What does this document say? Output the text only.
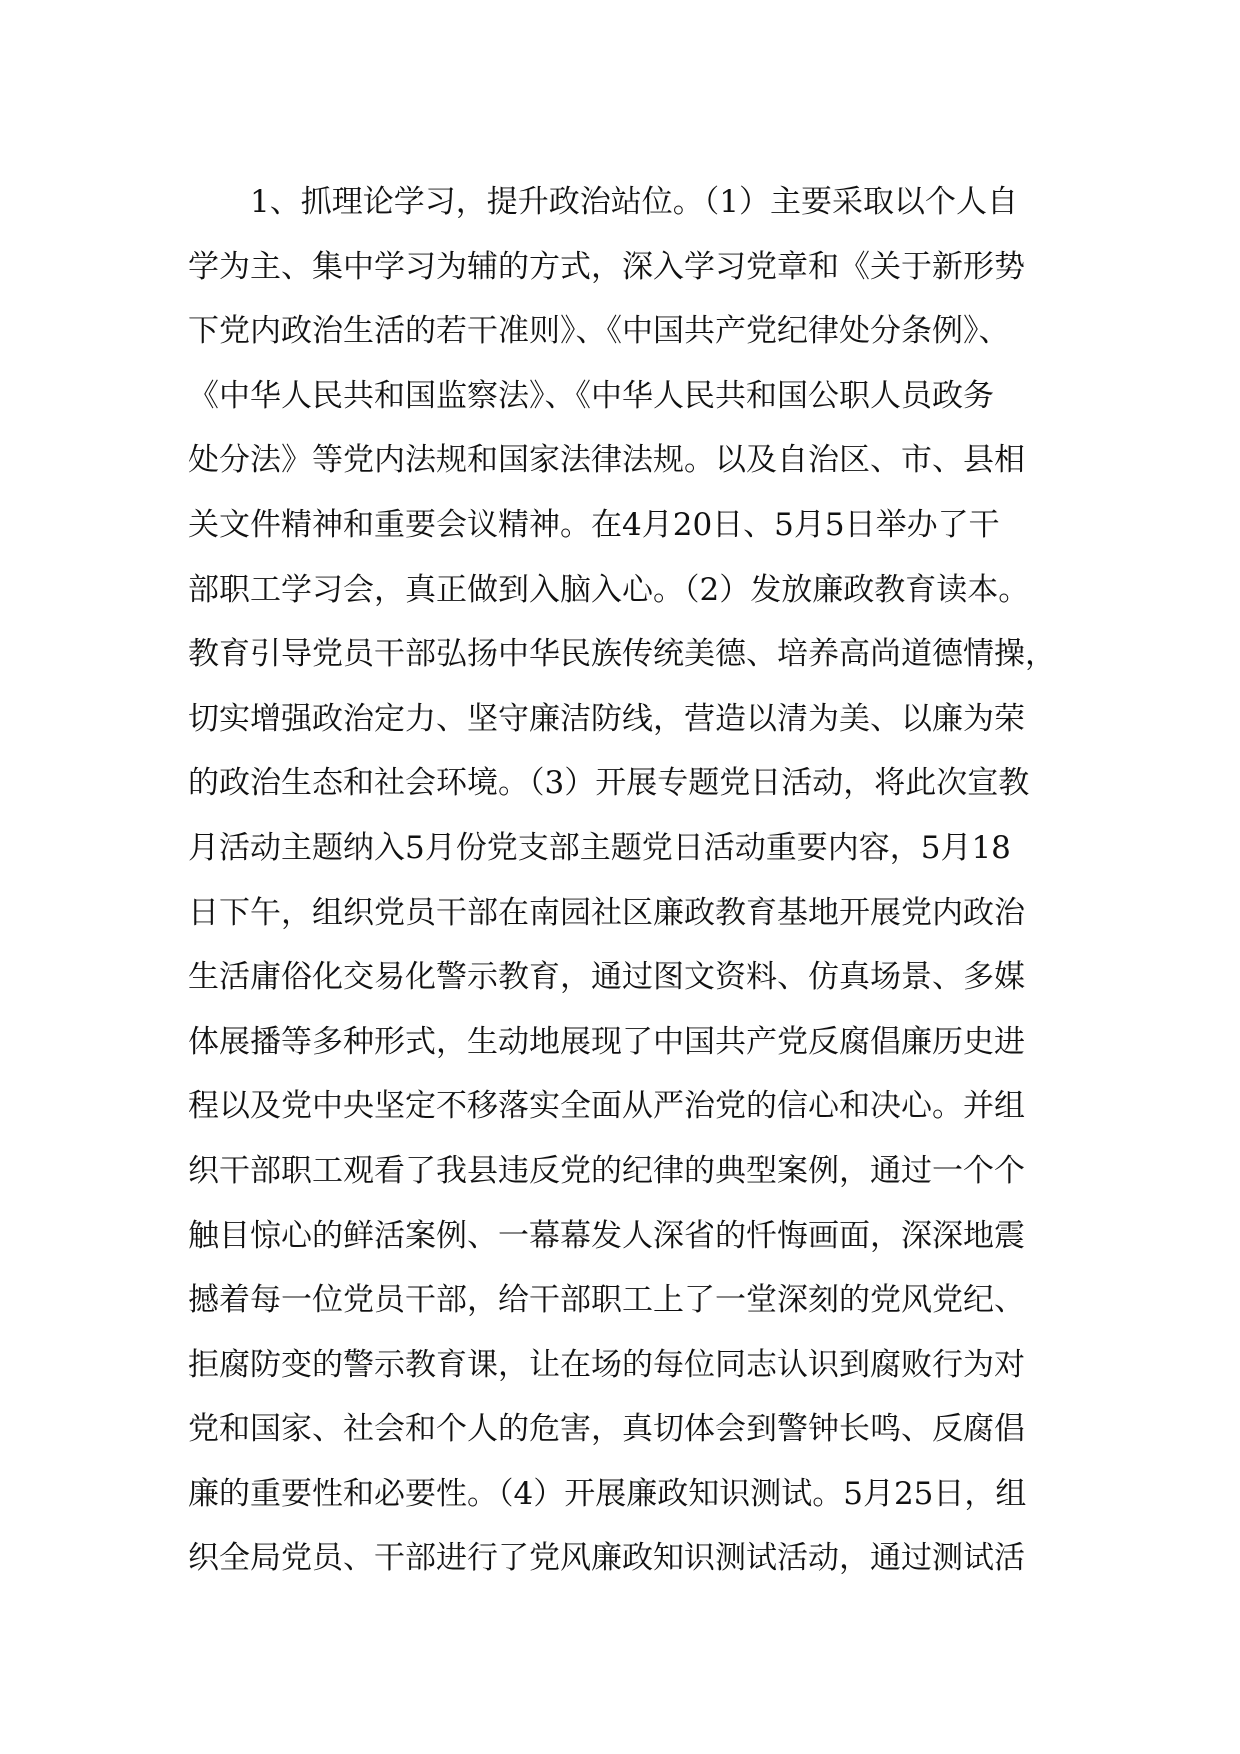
1、抓理论学习，提升政治站位。（1）主要采取以个人自
学为主、集中学习为辅的方式，深入学习党章和《关于新形势
下党内政治生活的若干准则》、《中国共产党纪律处分条例》、
《中华人民共和国监察法》、《中华人民共和国公职人员政务
处分法》等党内法规和国家法律法规。以及自治区、市、县相
关文件精神和重要会议精神。在4月20日、5月5日举办了干
部职工学习会，真正做到入脑入心。（2）发放廉政教育读本。
教育引导党员干部弘扬中华民族传统美德、培养高尚道德情操，
切实增强政治定力、坚守廉洁防线，营造以清为美、以廉为荣
的政治生态和社会环境。（3）开展专题党日活动，将此次宣教
月活动主题纳入5月份党支部主题党日活动重要内容，5月18
日下午，组织党员干部在南园社区廉政教育基地开展党内政治
生活庸俗化交易化警示教育，通过图文资料、仿真场景、多媒
体展播等多种形式，生动地展现了中国共产党反腐倡廉历史进
程以及党中央坚定不移落实全面从严治党的信心和决心。并组
织干部职工观看了我县违反党的纪律的典型案例，通过一个个
触目惊心的鲜活案例、一幕幕发人深省的忏悔画面，深深地震
撼着每一位党员干部，给干部职工上了一堂深刻的党风党纪、
拒腐防变的警示教育课，让在场的每位同志认识到腐败行为对
党和国家、社会和个人的危害，真切体会到警钟长鸣、反腐倡
廉的重要性和必要性。（4）开展廉政知识测试。5月25日，组
织全局党员、干部进行了党风廉政知识测试活动，通过测试活
